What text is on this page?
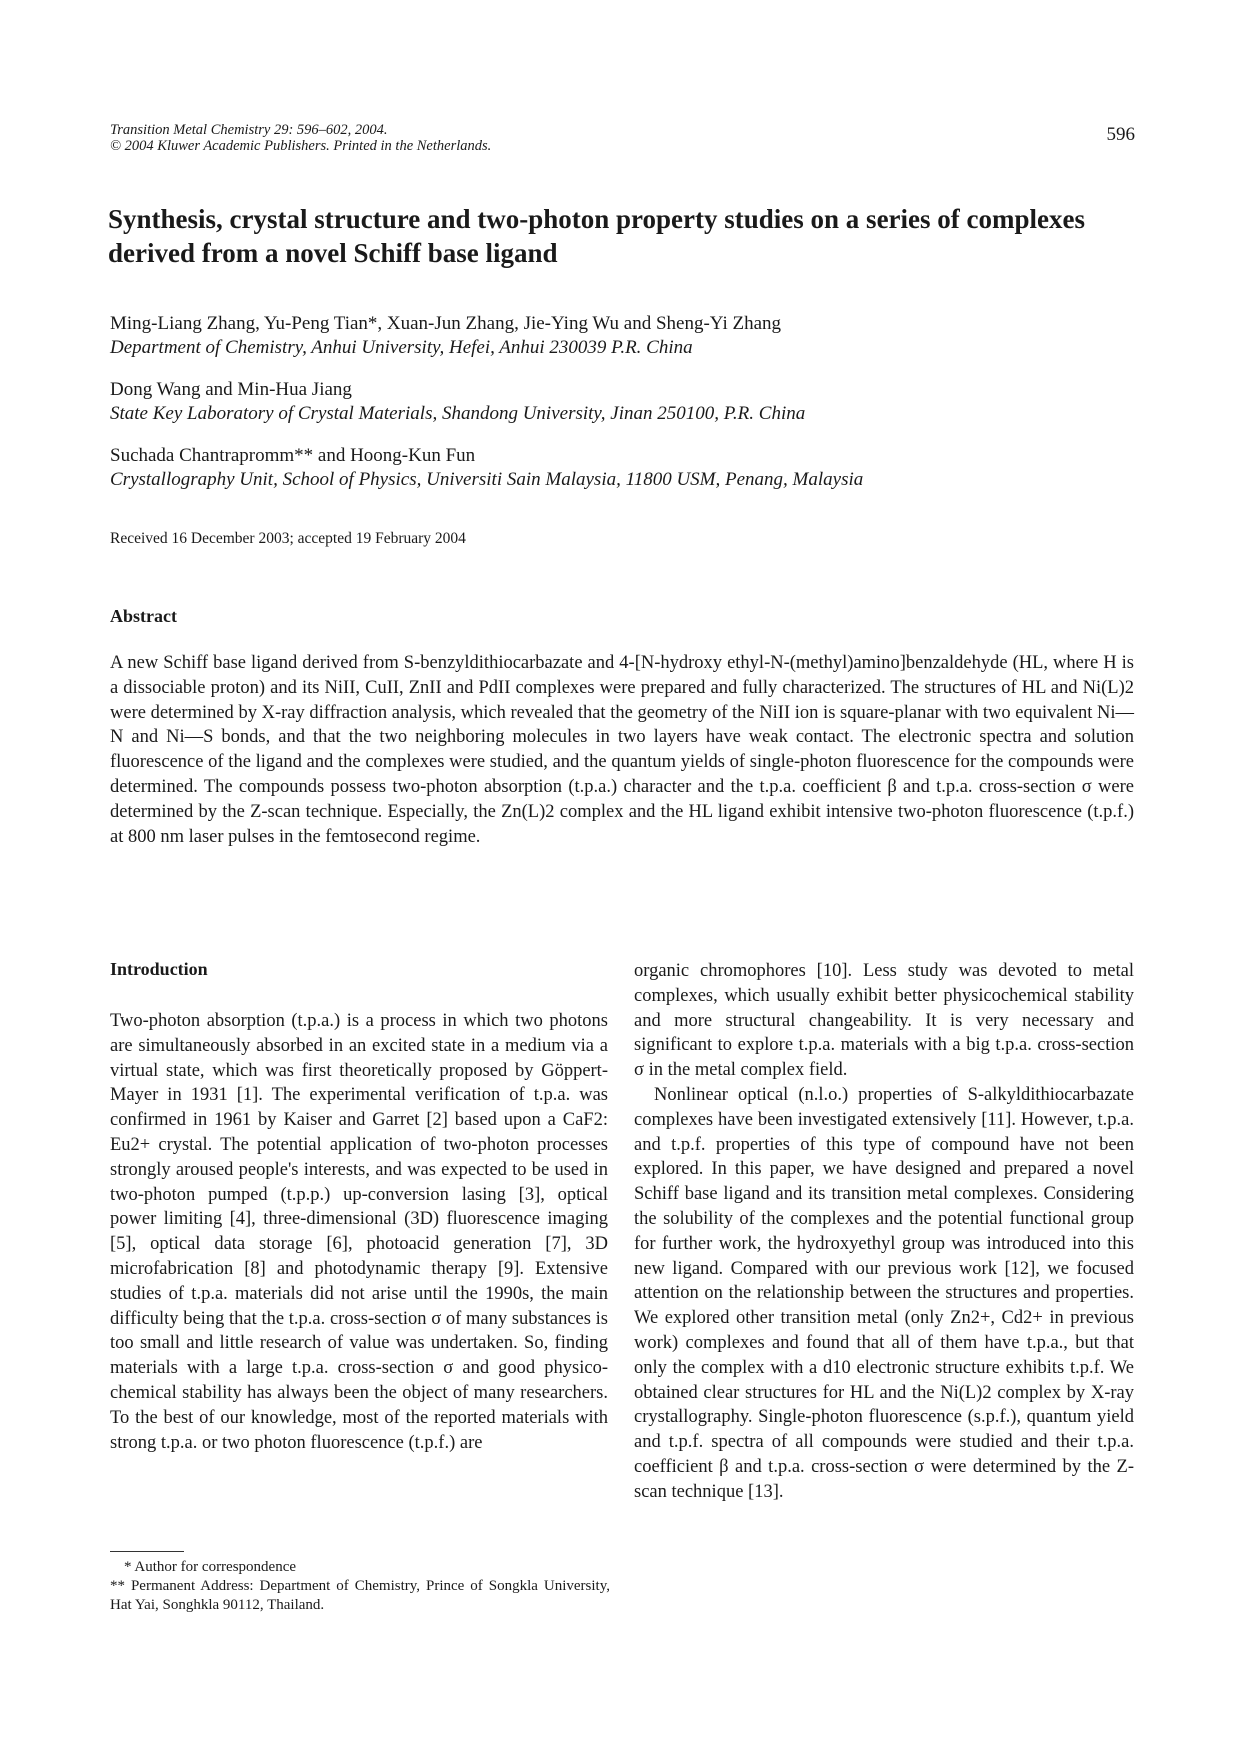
Transition Metal Chemistry 29: 596–602, 2004.
© 2004 Kluwer Academic Publishers. Printed in the Netherlands.
596
Synthesis, crystal structure and two-photon property studies on a series of complexes derived from a novel Schiff base ligand
Ming-Liang Zhang, Yu-Peng Tian*, Xuan-Jun Zhang, Jie-Ying Wu and Sheng-Yi Zhang
Department of Chemistry, Anhui University, Hefei, Anhui 230039 P.R. China
Dong Wang and Min-Hua Jiang
State Key Laboratory of Crystal Materials, Shandong University, Jinan 250100, P.R. China
Suchada Chantrapromm** and Hoong-Kun Fun
Crystallography Unit, School of Physics, Universiti Sain Malaysia, 11800 USM, Penang, Malaysia
Received 16 December 2003; accepted 19 February 2004
Abstract
A new Schiff base ligand derived from S-benzyldithiocarbazate and 4-[N-hydroxy ethyl-N-(methyl)amino]benzaldehyde (HL, where H is a dissociable proton) and its NiII, CuII, ZnII and PdII complexes were prepared and fully characterized. The structures of HL and Ni(L)2 were determined by X-ray diffraction analysis, which revealed that the geometry of the NiII ion is square-planar with two equivalent Ni—N and Ni—S bonds, and that the two neighboring molecules in two layers have weak contact. The electronic spectra and solution fluorescence of the ligand and the complexes were studied, and the quantum yields of single-photon fluorescence for the compounds were determined. The compounds possess two-photon absorption (t.p.a.) character and the t.p.a. coefficient β and t.p.a. cross-section σ were determined by the Z-scan technique. Especially, the Zn(L)2 complex and the HL ligand exhibit intensive two-photon fluorescence (t.p.f.) at 800 nm laser pulses in the femtosecond regime.
Introduction

Two-photon absorption (t.p.a.) is a process in which two photons are simultaneously absorbed in an excited state in a medium via a virtual state, which was first theoretically proposed by Göppert-Mayer in 1931 [1]. The experimental verification of t.p.a. was confirmed in 1961 by Kaiser and Garret [2] based upon a CaF2: Eu2+ crystal. The potential application of two-photon processes strongly aroused people's interests, and was expected to be used in two-photon pumped (t.p.p.) up-conversion lasing [3], optical power limiting [4], three-dimensional (3D) fluorescence imaging [5], optical data storage [6], photoacid generation [7], 3D microfabrication [8] and photodynamic therapy [9]. Extensive studies of t.p.a. materials did not arise until the 1990s, the main difficulty being that the t.p.a. cross-section σ of many substances is too small and little research of value was undertaken. So, finding materials with a large t.p.a. cross-section σ and good physico-chemical stability has always been the object of many researchers. To the best of our knowledge, most of the reported materials with strong t.p.a. or two photon fluorescence (t.p.f.) are

organic chromophores [10]. Less study was devoted to metal complexes, which usually exhibit better physicochemical stability and more structural changeability. It is very necessary and significant to explore t.p.a. materials with a big t.p.a. cross-section σ in the metal complex field.

Nonlinear optical (n.l.o.) properties of S-alkyldithiocarbazate complexes have been investigated extensively [11]. However, t.p.a. and t.p.f. properties of this type of compound have not been explored. In this paper, we have designed and prepared a novel Schiff base ligand and its transition metal complexes. Considering the solubility of the complexes and the potential functional group for further work, the hydroxyethyl group was introduced into this new ligand. Compared with our previous work [12], we focused attention on the relationship between the structures and properties. We explored other transition metal (only Zn2+, Cd2+ in previous work) complexes and found that all of them have t.p.a., but that only the complex with a d10 electronic structure exhibits t.p.f. We obtained clear structures for HL and the Ni(L)2 complex by X-ray crystallography. Single-photon fluorescence (s.p.f.), quantum yield and t.p.f. spectra of all compounds were studied and their t.p.a. coefficient β and t.p.a. cross-section σ were determined by the Z-scan technique [13].

* Author for correspondence
** Permanent Address: Department of Chemistry, Prince of Songkla University, Hat Yai, Songhkla 90112, Thailand.
